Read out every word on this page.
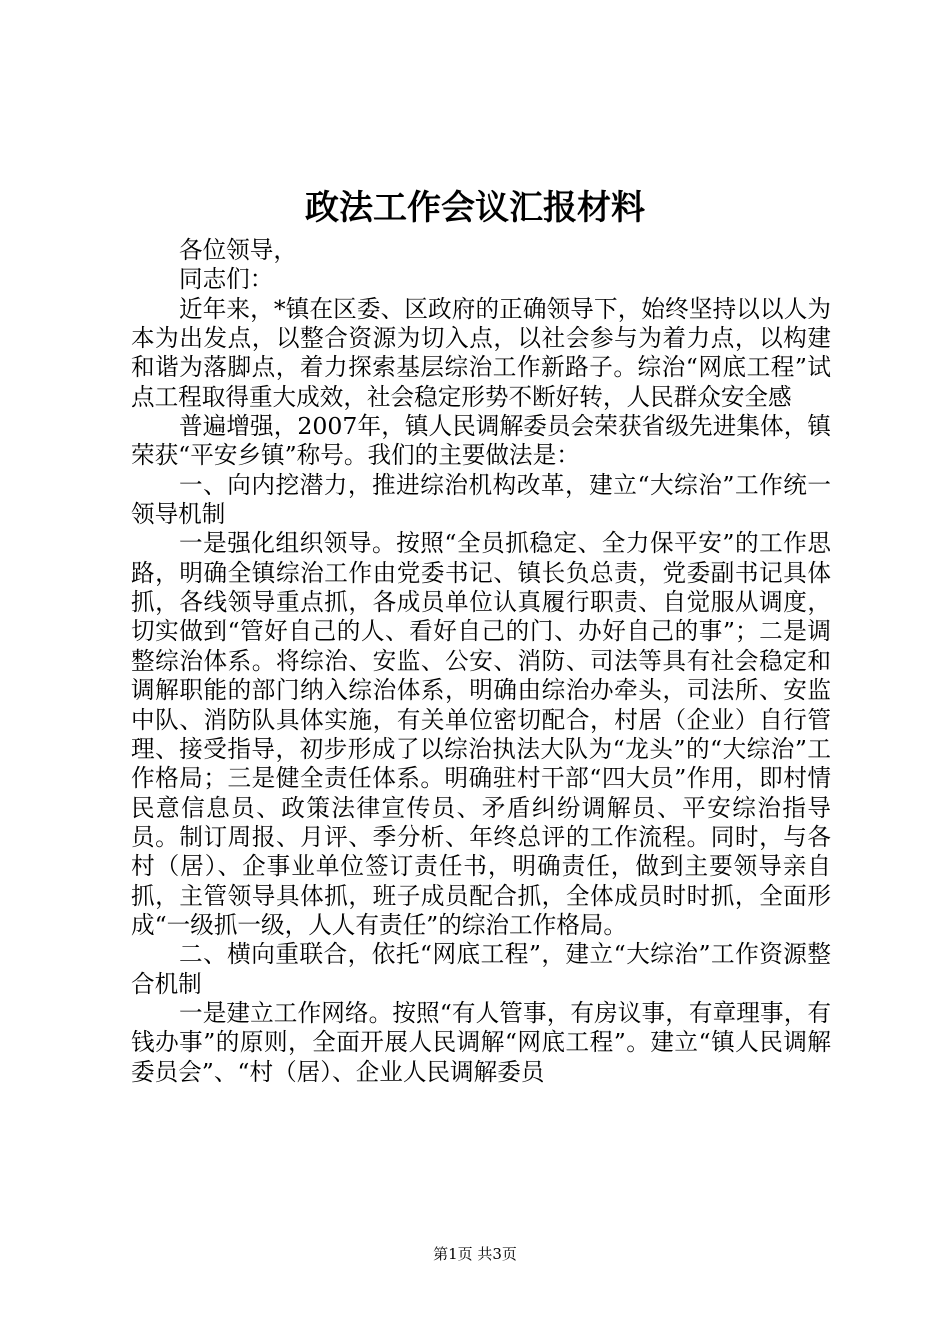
政法工作会议汇报材料

各位领导，

同志们：

近年来，*镇在区委、区政府的正确领导下，始终坚持以以人为本为出发点，以整合资源为切入点，以社会参与为着力点，以构建和谐为落脚点，着力探索基层综治工作新路子。综治“网底工程”试点工程取得重大成效，社会稳定形势不断好转，人民群众安全感

普遍增强，2007年，镇人民调解委员会荣获省级先进集体，镇荣获“平安乡镇”称号。我们的主要做法是：

一、向内挖潜力，推进综治机构改革，建立“大综治”工作统一领导机制

一是强化组织领导。按照“全员抓稳定、全力保平安”的工作思路，明确全镇综治工作由党委书记、镇长负总责，党委副书记具体抓，各线领导重点抓，各成员单位认真履行职责、自觉服从调度，切实做到“管好自己的人、看好自己的门、办好自己的事”；二是调整综治体系。将综治、安监、公安、消防、司法等具有社会稳定和调解职能的部门纳入综治体系，明确由综治办牵头，司法所、安监中队、消防队具体实施，有关单位密切配合，村居（企业）自行管理、接受指导，初步形成了以综治执法大队为“龙头”的“大综治”工作格局；三是健全责任体系。明确驻村干部“四大员”作用，即村情民意信息员、政策法律宣传员、矛盾纠纷调解员、平安综治指导员。制订周报、月评、季分析、年终总评的工作流程。同时，与各村（居）、企事业单位签订责任书，明确责任，做到主要领导亲自抓，主管领导具体抓，班子成员配合抓，全体成员时时抓，全面形成“一级抓一级，人人有责任”的综治工作格局。

二、横向重联合，依托“网底工程”，建立“大综治”工作资源整合机制

一是建立工作网络。按照“有人管事，有房议事，有章理事，有钱办事”的原则，全面开展人民调解“网底工程”。建立“镇人民调解委员会”、“村（居）、企业人民调解委员

第1页 共3页
